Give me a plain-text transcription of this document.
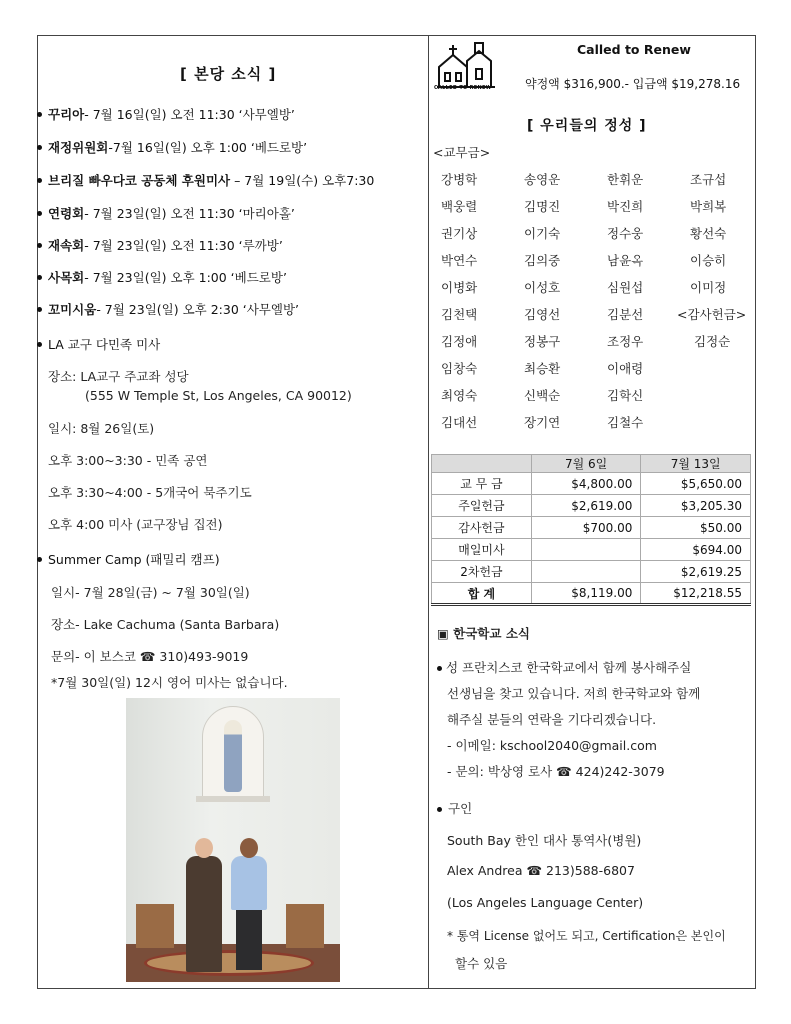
[ 본당 소식 ]
꾸리아- 7월 16일(일) 오전 11:30 ‘사무엘방’
재정위원회-7월 16일(일) 오후 1:00 ‘베드로방’
브리질 빠우다코 공동체 후원미사 – 7월 19일(수) 오후7:30
연령회- 7월 23일(일) 오전 11:30 ‘마리아홀’
재속회- 7월 23일(일) 오전 11:30 ‘루까방’
사목회- 7월 23일(일) 오후 1:00 ‘베드로방’
꼬미시움- 7월 23일(일) 오후 2:30 ‘사무엘방’
LA 교구 다민족 미사
장소: LA교구 주교좌 성당
(555 W Temple St, Los Angeles, CA 90012)
일시: 8월 26일(토)
오후 3:00~3:30 - 민족 공연
오후 3:30~4:00 - 5개국어 묵주기도
오후 4:00 미사 (교구장님 집전)
Summer Camp (패밀리 캠프)
일시- 7월 28일(금) ~ 7월 30일(일)
장소- Lake Cachuma (Santa Barbara)
문의- 이 보스코 ☎ 310)493-9019
*7월 30일(일) 12시 영어 미사는 없습니다.
CALLED TO RENEW
Called to Renew
약정액 $316,900.- 입금액 $19,278.16
[ 우리들의 정성 ]
<교무금>
강병학	송영운	한휘운	조규섭
백웅렬	김명진	박진희	박희복
권기상	이기숙	정수웅	황선숙
박연수	김의중	남윤옥	이승히
이병화	이성호	심원섭	이미정
김천택	김영선	김분선	<감사헌금>
김정애	정봉구	조정우	김정순
임창숙	최승환	이애령
최영숙	신백순	김학신
김대선	장기연	김철수
	7월 6일	7월 13일
교 무 금	$4,800.00	$5,650.00
주일헌금	$2,619.00	$3,205.30
감사헌금	$700.00	$50.00
매일미사		$694.00
2차헌금		$2,619.25
합 계	$8,119.00	$12,218.55
▣ 한국학교 소식
성 프란치스코 한국학교에서 함께 봉사해주실
선생님을 찾고 있습니다. 저희 한국학교와 함께
해주실 분들의 연락을 기다리겠습니다.
- 이메일: kschool2040@gmail.com
- 문의: 박상영 로사 ☎ 424)242-3079
구인
South Bay 한인 대사 통역사(병원)
Alex Andrea ☎ 213)588-6807
(Los Angeles Language Center)
* 통역 License 없어도 되고, Certification은 본인이
할수 있음
